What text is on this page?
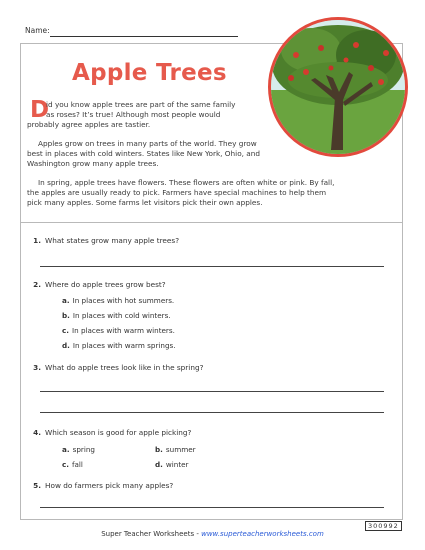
Name:
Apple Trees
D
id you know apple trees are part of the same family
as roses? It’s true! Although most people would
probably agree apples are tastier.
Apples grow on trees in many parts of the world. They grow
best in places with cold winters. States like New York, Ohio, and
Washington grow many apple trees.
In spring, apple trees have flowers. These flowers are often white or pink. By fall,
the apples are usually ready to pick. Farmers have special machines to help them
pick many apples. Some farms let visitors pick their own apples.
1. What states grow many apple trees?
2. Where do apple trees grow best?
a. In places with hot summers.
b. In places with cold winters.
c. In places with warm winters.
d. In places with warm springs.
3. What do apple trees look like in the spring?
4. Which season is good for apple picking?
a. spring	b. summer
c. fall	d. winter
5. How do farmers pick many apples?
300992
Super Teacher Worksheets - www.superteacherworksheets.com
